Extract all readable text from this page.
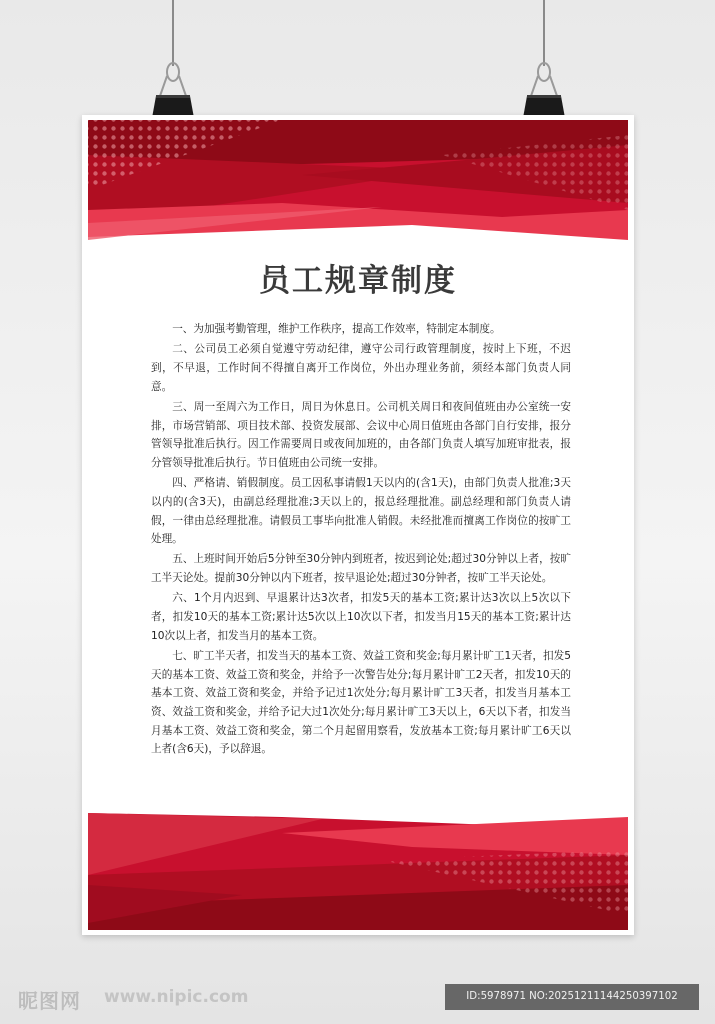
员工规章制度

一、为加强考勤管理，维护工作秩序，提高工作效率，特制定本制度。

二、公司员工必须自觉遵守劳动纪律，遵守公司行政管理制度，按时上下班，不迟到，不早退，工作时间不得擅自离开工作岗位，外出办理业务前，须经本部门负责人同意。

三、周一至周六为工作日，周日为休息日。公司机关周日和夜间值班由办公室统一安排，市场营销部、项目技术部、投资发展部、会议中心周日值班由各部门自行安排，报分管领导批准后执行。因工作需要周日或夜间加班的，由各部门负责人填写加班审批表，报分管领导批准后执行。节日值班由公司统一安排。

四、严格请、销假制度。员工因私事请假1天以内的(含1天)，由部门负责人批准;3天以内的(含3天)，由副总经理批准;3天以上的，报总经理批准。副总经理和部门负责人请假，一律由总经理批准。请假员工事毕向批准人销假。未经批准而擅离工作岗位的按旷工处理。

五、上班时间开始后5分钟至30分钟内到班者，按迟到论处;超过30分钟以上者，按旷工半天论处。提前30分钟以内下班者，按早退论处;超过30分钟者，按旷工半天论处。

六、1个月内迟到、早退累计达3次者，扣发5天的基本工资;累计达3次以上5次以下者，扣发10天的基本工资;累计达5次以上10次以下者，扣发当月15天的基本工资;累计达10次以上者，扣发当月的基本工资。

七、旷工半天者，扣发当天的基本工资、效益工资和奖金;每月累计旷工1天者，扣发5天的基本工资、效益工资和奖金，并给予一次警告处分;每月累计旷工2天者，扣发10天的基本工资、效益工资和奖金，并给予记过1次处分;每月累计旷工3天者，扣发当月基本工资、效益工资和奖金，并给予记大过1次处分;每月累计旷工3天以上，6天以下者，扣发当月基本工资、效益工资和奖金，第二个月起留用察看，发放基本工资;每月累计旷工6天以上者(含6天)，予以辞退。

昵图网 www.nipic.com	ID:5978971 NO:20251211144250397102
